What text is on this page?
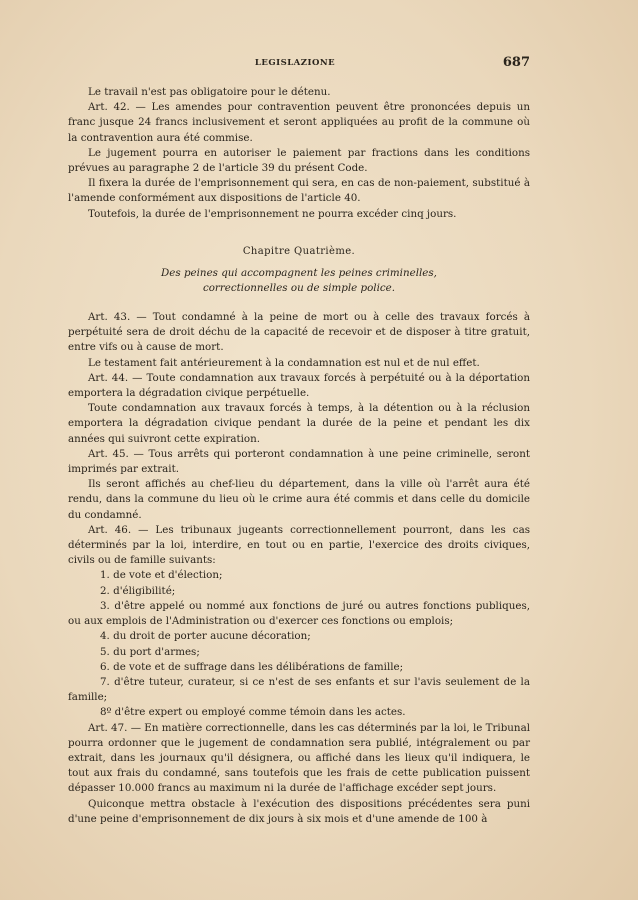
LEGISLAZIONE	687

Le travail n'est pas obligatoire pour le détenu.

Art. 42. — Les amendes pour contravention peuvent être prononcées depuis un franc jusque 24 francs inclusivement et seront appliquées au profit de la commune où la contravention aura été commise.

Le jugement pourra en autoriser le paiement par fractions dans les conditions prévues au paragraphe 2 de l'article 39 du présent Code.

Il fixera la durée de l'emprisonnement qui sera, en cas de non-paiement, substitué à l'amende conformément aux dispositions de l'article 40.

Toutefois, la durée de l'emprisonnement ne pourra excéder cinq jours.

Chapitre Quatrième.
Des peines qui accompagnent les peines criminelles,
correctionnelles ou de simple police.

Art. 43. — Tout condamné à la peine de mort ou à celle des travaux forcés à perpétuité sera de droit déchu de la capacité de recevoir et de disposer à titre gratuit, entre vifs ou à cause de mort.

Le testament fait antérieurement à la condamnation est nul et de nul effet.

Art. 44. — Toute condamnation aux travaux forcés à perpétuité ou à la déportation emportera la dégradation civique perpétuelle.

Toute condamnation aux travaux forcés à temps, à la détention ou à la réclusion emportera la dégradation civique pendant la durée de la peine et pendant les dix années qui suivront cette expiration.

Art. 45. — Tous arrêts qui porteront condamnation à une peine criminelle, seront imprimés par extrait.

Ils seront affichés au chef-lieu du département, dans la ville où l'arrêt aura été rendu, dans la commune du lieu où le crime aura été commis et dans celle du domicile du condamné.

Art. 46. — Les tribunaux jugeants correctionnellement pourront, dans les cas déterminés par la loi, interdire, en tout ou en partie, l'exercice des droits civiques, civils ou de famille suivants:

1. de vote et d'élection;

2. d'éligibilité;

3. d'être appelé ou nommé aux fonctions de juré ou autres fonctions publiques, ou aux emplois de l'Administration ou d'exercer ces fonctions ou emplois;

4. du droit de porter aucune décoration;

5. du port d'armes;

6. de vote et de suffrage dans les délibérations de famille;

7. d'être tuteur, curateur, si ce n'est de ses enfants et sur l'avis seulement de la famille;

8º d'être expert ou employé comme témoin dans les actes.

Art. 47. — En matière correctionnelle, dans les cas déterminés par la loi, le Tribunal pourra ordonner que le jugement de condamnation sera publié, intégralement ou par extrait, dans les journaux qu'il désignera, ou affiché dans les lieux qu'il indiquera, le tout aux frais du condamné, sans toutefois que les frais de cette publication puissent dépasser 10.000 francs au maximum ni la durée de l'affichage excéder sept jours.

Quiconque mettra obstacle à l'exécution des dispositions précédentes sera puni d'une peine d'emprisonnement de dix jours à six mois et d'une amende de 100 à
